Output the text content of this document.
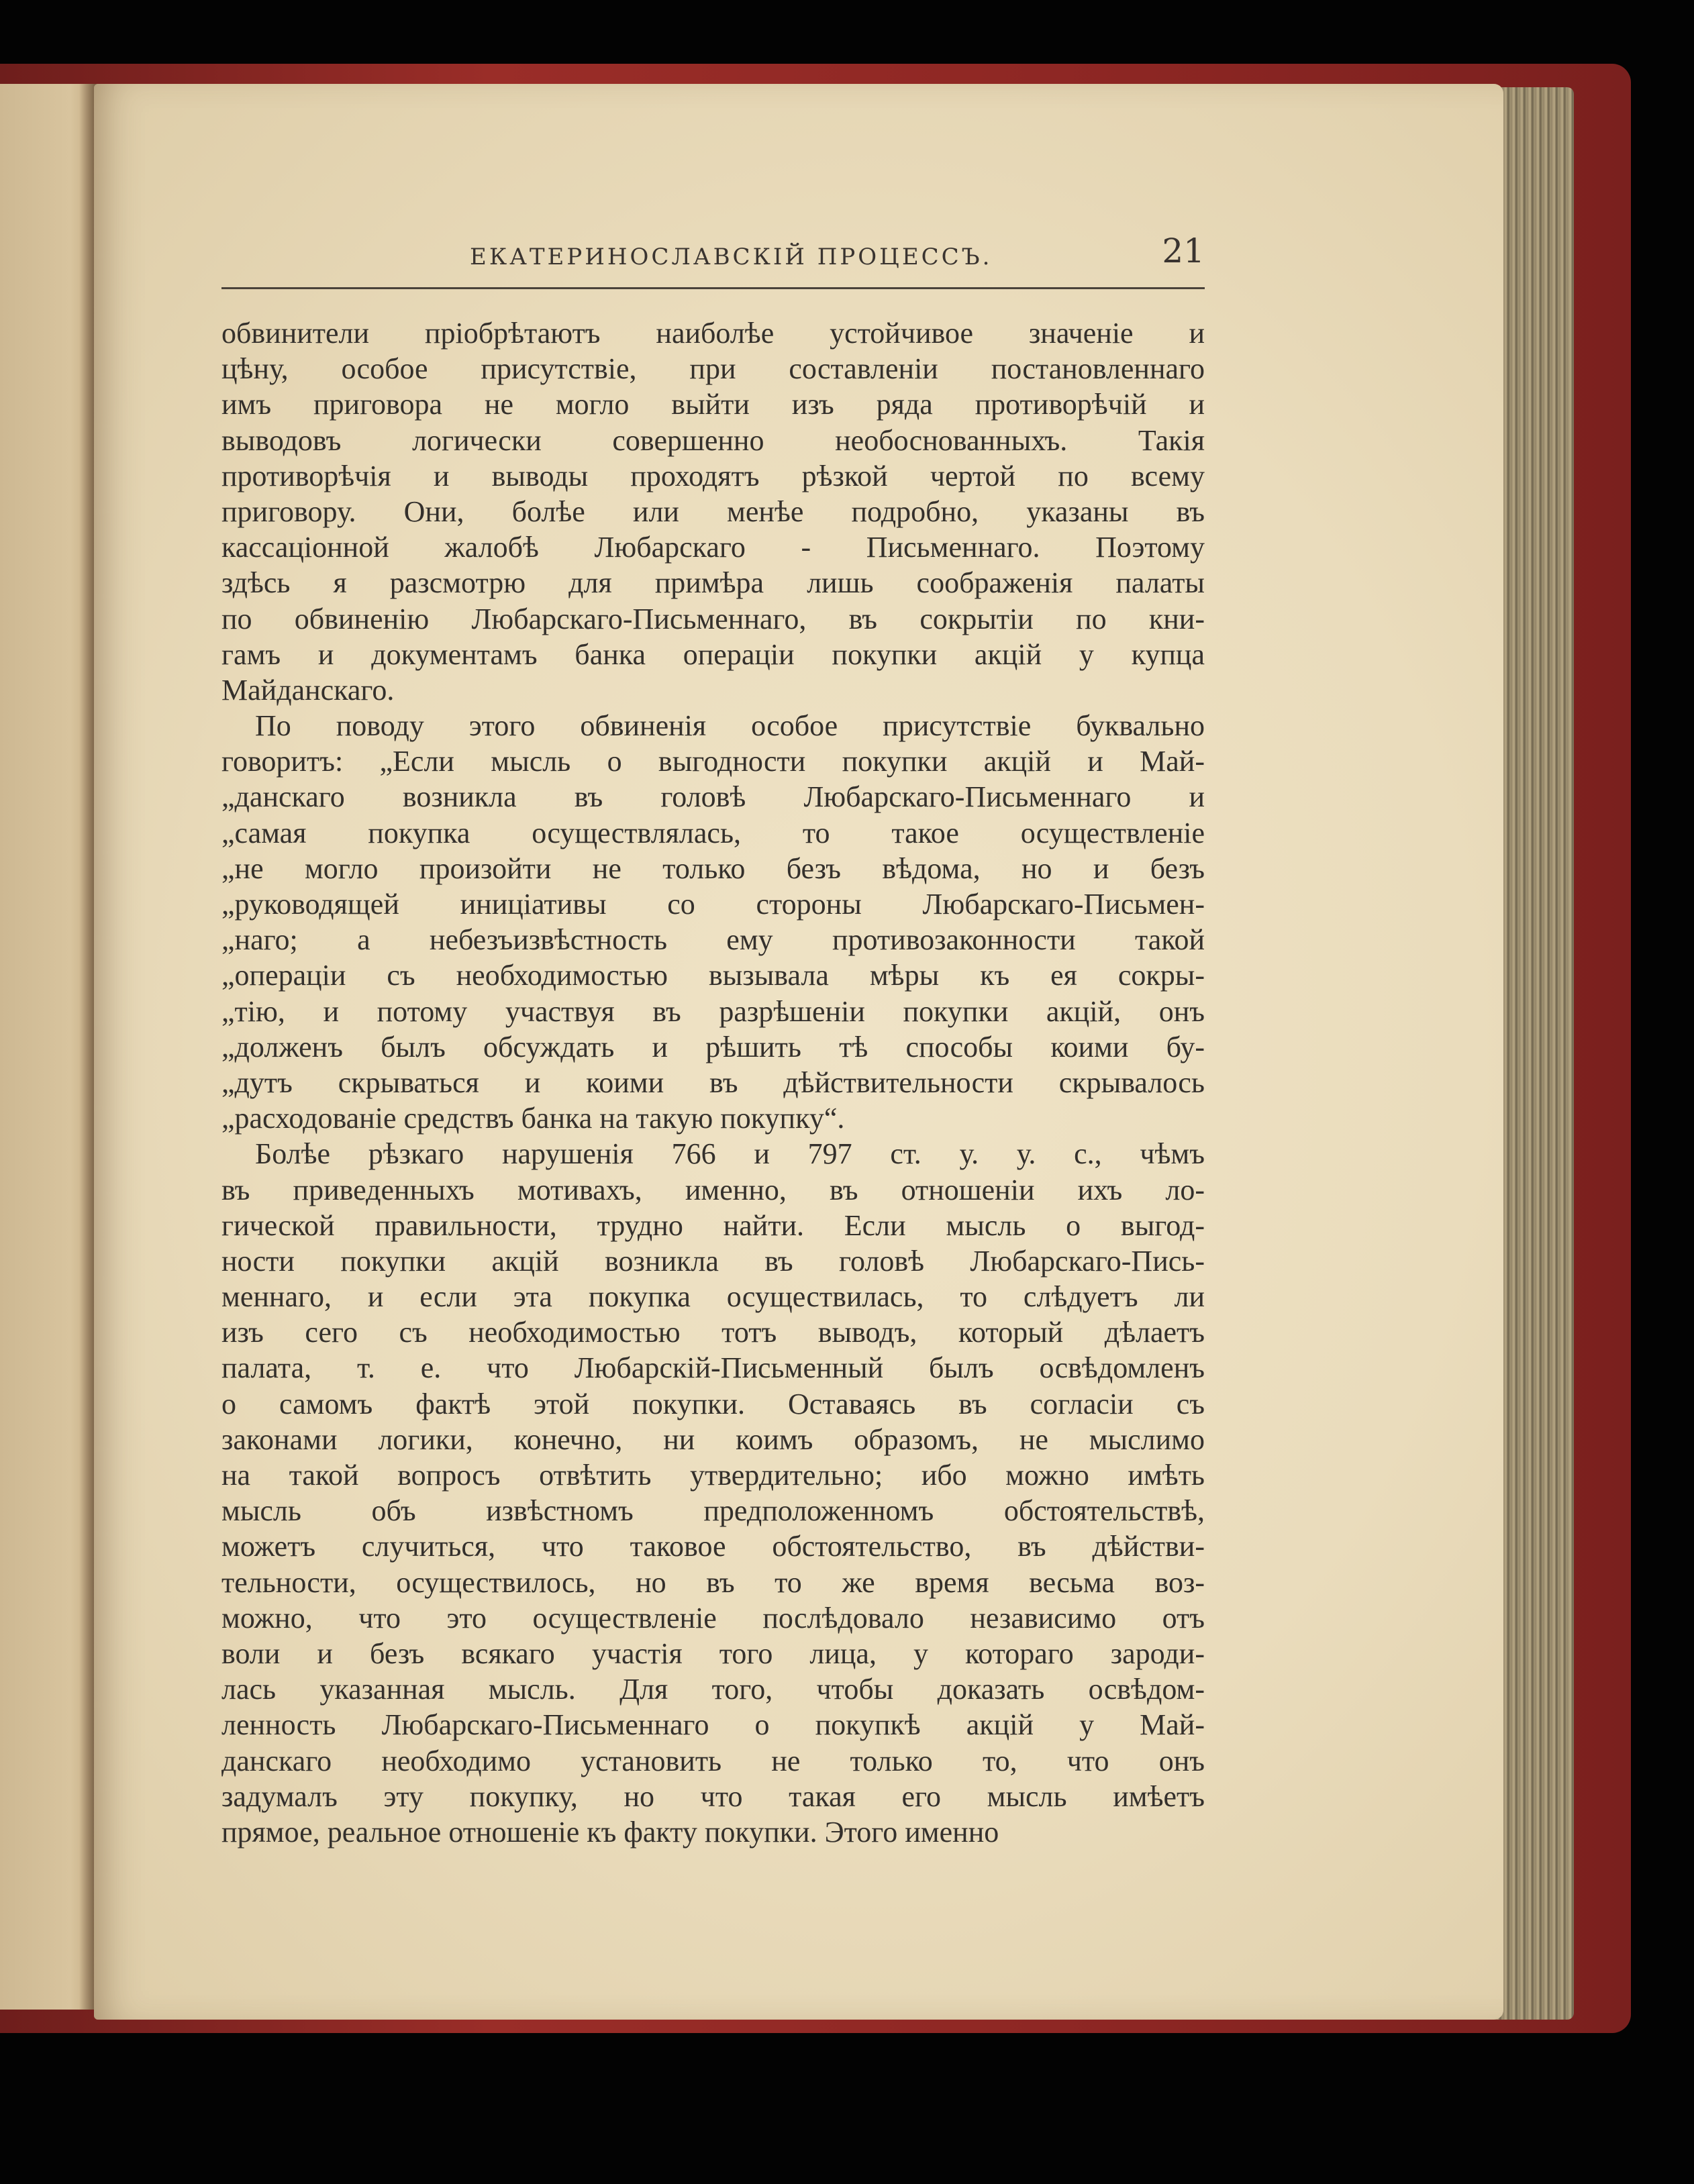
ЕКАТЕРИНОСЛАВСКІЙ ПРОЦЕССЪ.	21
обвинители пріобрѣтаютъ наиболѣе устойчивое значеніе и
цѣну, особое присутствіе, при составленіи постановленнаго
имъ приговора не могло выйти изъ ряда противорѣчій и
выводовъ логически совершенно необоснованныхъ. Такія
противорѣчія и выводы проходятъ рѣзкой чертой по всему
приговору. Они, болѣе или менѣе подробно, указаны въ
кассаціонной жалобѣ Любарскаго - Письменнаго. Поэтому
здѣсь я разсмотрю для примѣра лишь соображенія палаты
по обвиненію Любарскаго-Письменнаго, въ сокрытіи по кни-
гамъ и документамъ банка операціи покупки акцій у купца
Майданскаго.
По поводу этого обвиненія особое присутствіе буквально
говоритъ: „Если мысль о выгодности покупки акцій и Май-
„данскаго возникла въ головѣ Любарскаго-Письменнаго и
„самая покупка осуществлялась, то такое осуществленіе
„не могло произойти не только безъ вѣдома, но и безъ
„руководящей иниціативы со стороны Любарскаго-Письмен-
„наго; а небезъизвѣстность ему противозаконности такой
„операціи съ необходимостью вызывала мѣры къ ея сокры-
„тію, и потому участвуя въ разрѣшеніи покупки акцій, онъ
„долженъ былъ обсуждать и рѣшить тѣ способы коими бу-
„дутъ скрываться и коими въ дѣйствительности скрывалось
„расходованіе средствъ банка на такую покупку“.
Болѣе рѣзкаго нарушенія 766 и 797 ст. у. у. с., чѣмъ
въ приведенныхъ мотивахъ, именно, въ отношеніи ихъ ло-
гической правильности, трудно найти. Если мысль о выгод-
ности покупки акцій возникла въ головѣ Любарскаго-Пись-
меннаго, и если эта покупка осуществилась, то слѣдуетъ ли
изъ сего съ необходимостью тотъ выводъ, который дѣлаетъ
палата, т. е. что Любарскій-Письменный былъ освѣдомленъ
о самомъ фактѣ этой покупки. Оставаясь въ согласіи съ
законами логики, конечно, ни коимъ образомъ, не мыслимо
на такой вопросъ отвѣтить утвердительно; ибо можно имѣть
мысль объ извѣстномъ предположенномъ обстоятельствѣ,
можетъ случиться, что таковое обстоятельство, въ дѣйстви-
тельности, осуществилось, но въ то же время весьма воз-
можно, что это осуществленіе послѣдовало независимо отъ
воли и безъ всякаго участія того лица, у котораго зароди-
лась указанная мысль. Для того, чтобы доказать освѣдом-
ленность Любарскаго-Письменнаго о покупкѣ акцій у Май-
данскаго необходимо установить не только то, что онъ
задумалъ эту покупку, но что такая его мысль имѣетъ
прямое, реальное отношеніе къ факту покупки. Этого именно
